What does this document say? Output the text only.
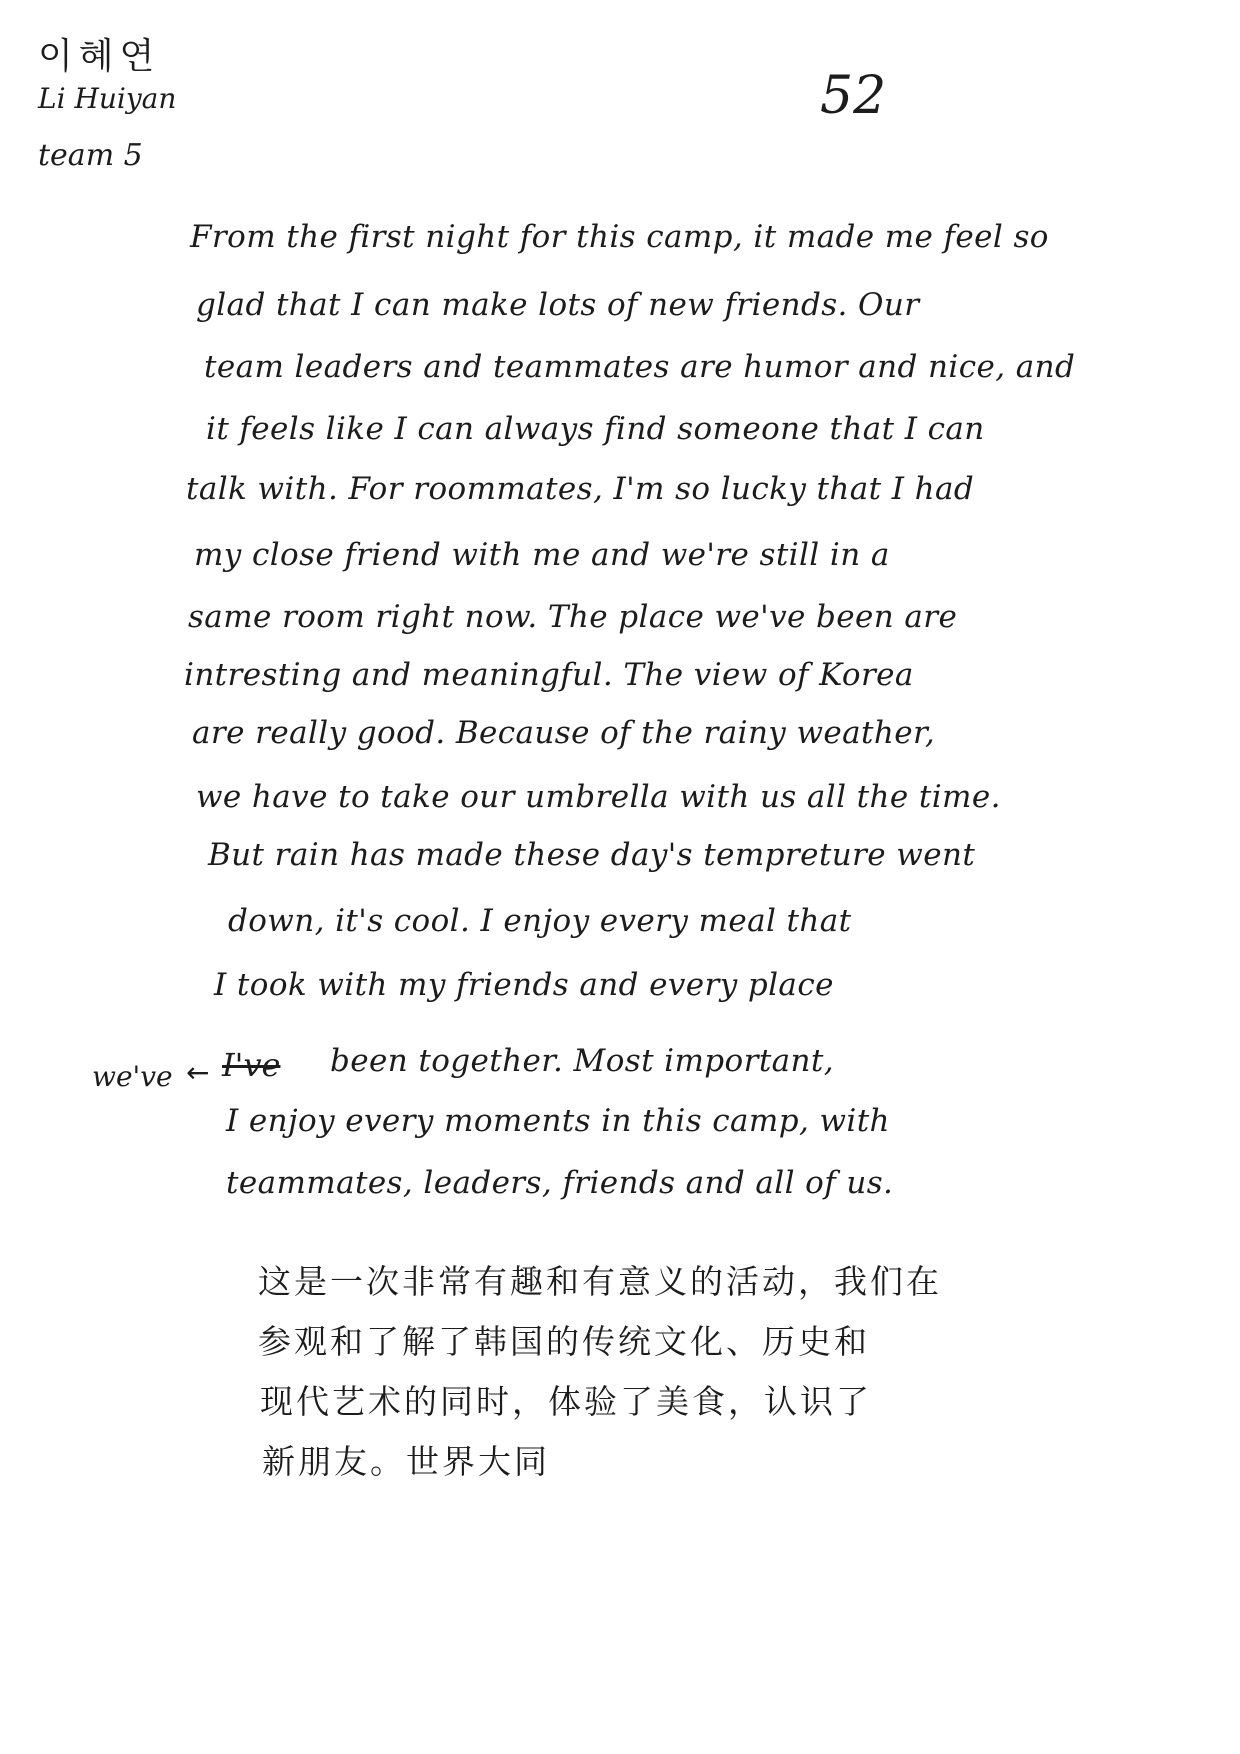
이혜연
Li Huiyan
team 5
52
From the first night for this camp, it made me feel so
glad that I can make lots of new friends. Our
team leaders and teammates are humor and nice, and
it feels like I can always find someone that I can
talk with. For roommates, I'm so lucky that I had
my close friend with me and we're still in a
same room right now. The place we've been are
intresting and meaningful. The view of Korea
are really good. Because of the rainy weather,
we have to take our umbrella with us all the time.
But rain has made these day's tempreture went
down, it's cool. I enjoy every meal that
I took with my friends and every place
we've ← I've been together. Most important,
I enjoy every moments in this camp, with
teammates, leaders, friends and all of us.
这是一次非常有趣和有意义的活动，我们在
参观和了解了韩国的传统文化、历史和
现代艺术的同时，体验了美食，认识了
新朋友。世界大同
